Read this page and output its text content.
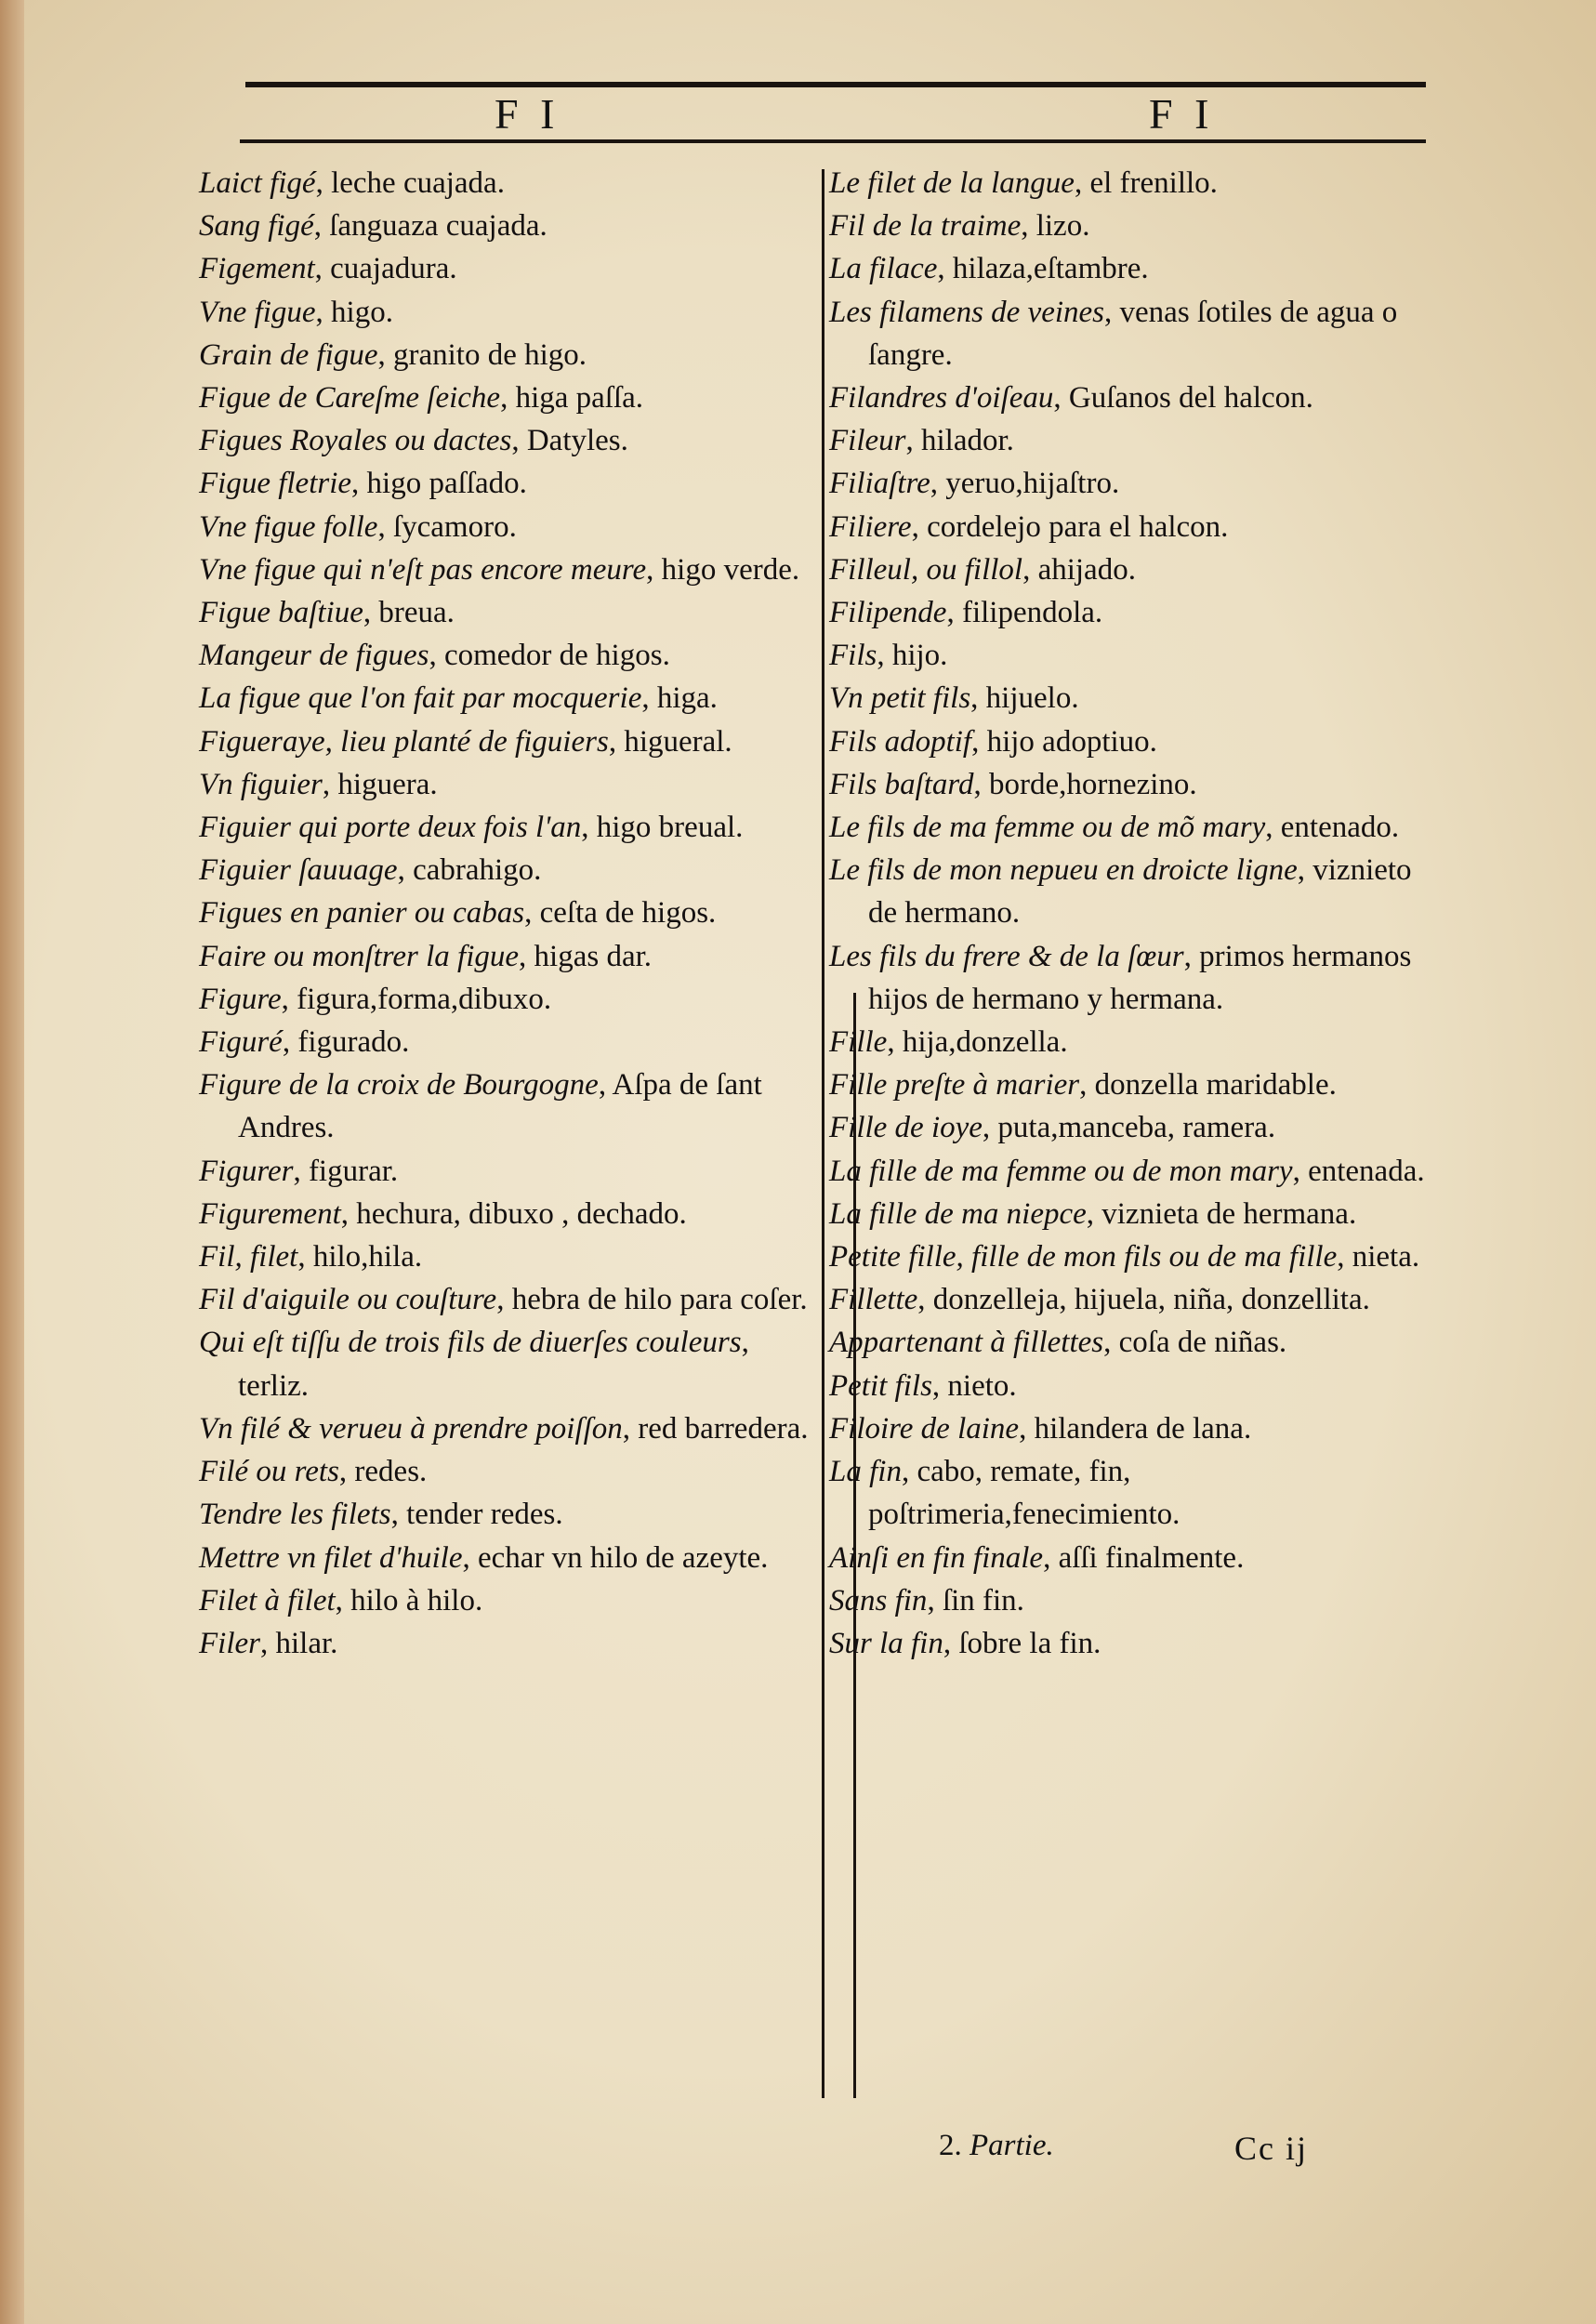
F I	F I
Laict figé, leche cuajada.
Sang figé, ſanguaza cuajada.
Figement, cuajadura.
Vne figue, higo.
Grain de figue, granito de higo.
Figue de Careſme ſeiche, higa paſſa.
Figues Royales ou dactes, Datyles.
Figue fletrie, higo paſſado.
Vne figue folle, ſycamoro.
Vne figue qui n'eſt pas encore meure, higo verde.
Figue baſtiue, breua.
Mangeur de figues, comedor de higos.
La figue que l'on fait par mocquerie, higa.
Figueraye, lieu planté de figuiers, higueral.
Vn figuier, higuera.
Figuier qui porte deux fois l'an, higo breual.
Figuier ſauuage, cabrahigo.
Figues en panier ou cabas, ceſta de higos.
Faire ou monſtrer la figue, higas dar.
Figure, figura,forma,dibuxo.
Figuré, figurado.
Figure de la croix de Bourgogne, Aſpa de ſant Andres.
Figurer, figurar.
Figurement, hechura, dibuxo , dechado.
Fil, filet, hilo,hila.
Fil d'aiguile ou couſture, hebra de hilo para coſer.
Qui eſt tiſſu de trois fils de diuerſes couleurs, terliz.
Vn filé & verueu à prendre poiſſon, red barredera.
Filé ou rets, redes.
Tendre les filets, tender redes.
Mettre vn filet d'huile, echar vn hilo de azeyte.
Filet à filet, hilo à hilo.
Filer, hilar.
Le filet de la langue, el frenillo.
Fil de la traime, lizo.
La filace, hilaza,eſtambre.
Les filamens de veines, venas ſotiles de agua o ſangre.
Filandres d'oiſeau, Guſanos del halcon.
Fileur, hilador.
Filiaſtre, yeruo,hijaſtro.
Filiere, cordelejo para el halcon.
Filleul, ou fillol, ahijado.
Filipende, filipendola.
Fils, hijo.
Vn petit fils, hijuelo.
Fils adoptif, hijo adoptiuo.
Fils baſtard, borde,hornezino.
Le fils de ma femme ou de mõ mary, entenado.
Le fils de mon nepueu en droicte ligne, viznieto de hermano.
Les fils du frere & de la ſœur, primos hermanos hijos de hermano y hermana.
Fille, hija,donzella.
Fille preſte à marier, donzella maridable.
Fille de ioye, puta,manceba, ramera.
La fille de ma femme ou de mon mary, entenada.
La fille de ma niepce, viznieta de hermana.
Petite fille, fille de mon fils ou de ma fille, nieta.
Fillette, donzelleja, hijuela, niña, donzellita.
Appartenant à fillettes, coſa de niñas.
Petit fils, nieto.
Filoire de laine, hilandera de lana.
La fin, cabo, remate, fin, poſtrimeria,fenecimiento.
Ainſi en fin finale, aſſi finalmente.
Sans fin, ſin fin.
Sur la fin, ſobre la fin.
2. Partie.	Cc ij
